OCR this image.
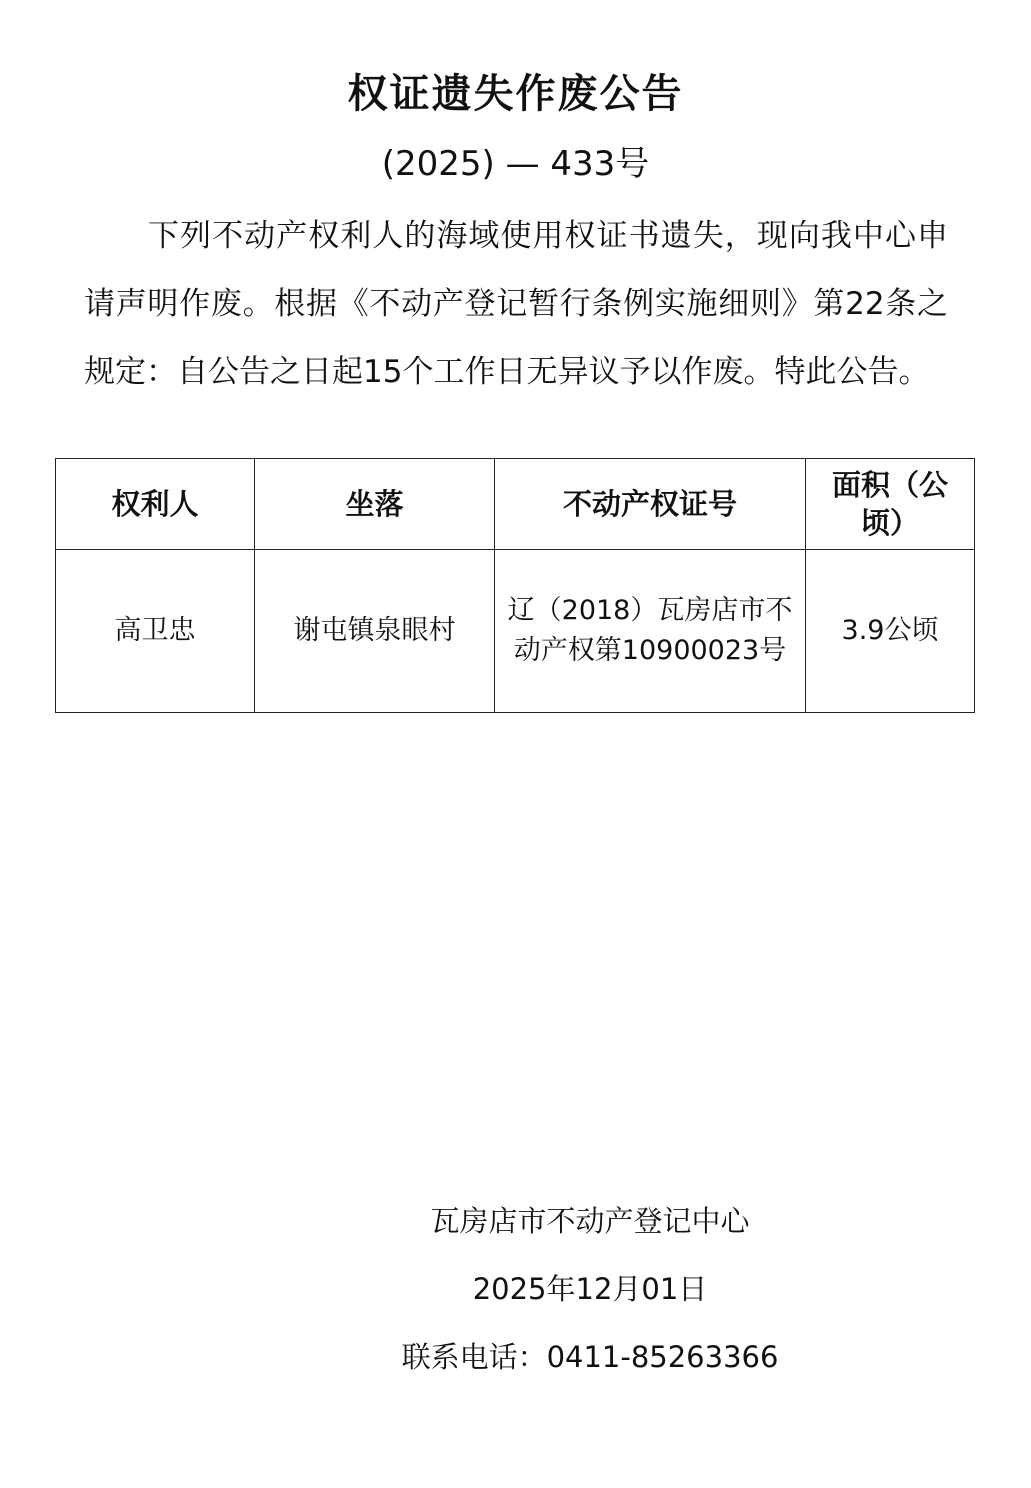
权证遗失作废公告
(2025) — 433号

下列不动产权利人的海域使用权证书遗失，现向我中心申请声明作废。根据《不动产登记暂行条例实施细则》第22条之规定：自公告之日起15个工作日无异议予以作废。特此公告。

权利人	坐落	不动产权证号	面积（公顷）
高卫忠	谢屯镇泉眼村	辽（2018）瓦房店市不动产权第10900023号	3.9公顷
瓦房店市不动产登记中心
2025年12月01日
联系电话：0411-85263366
